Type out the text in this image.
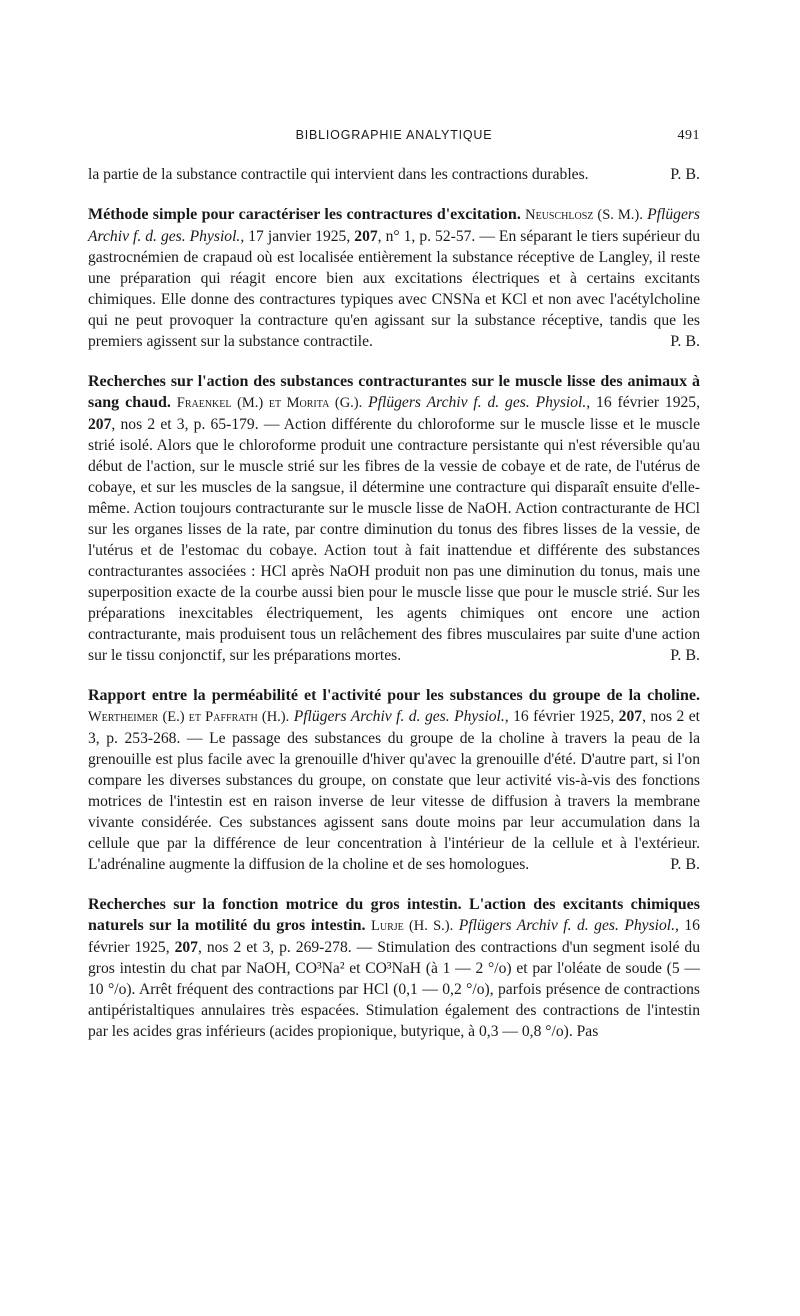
BIBLIOGRAPHIE ANALYTIQUE	491

la partie de la substance contractile qui intervient dans les contractions durables.	P. B.

Méthode simple pour caractériser les contractures d'excitation. Neuschlosz (S. M.). Pflügers Archiv f. d. ges. Physiol., 17 janvier 1925, 207, n° 1, p. 52-57. — En séparant le tiers supérieur du gastrocnémien de crapaud où est localisée entièrement la substance réceptive de Langley, il reste une préparation qui réagit encore bien aux excitations électriques et à certains excitants chimiques. Elle donne des contractures typiques avec CNSNa et KCl et non avec l'acétylcholine qui ne peut provoquer la contracture qu'en agissant sur la substance réceptive, tandis que les premiers agissent sur la substance contractile.	P. B.

Recherches sur l'action des substances contracturantes sur le muscle lisse des animaux à sang chaud. Fraenkel (M.) et Morita (G.). Pflügers Archiv f. d. ges. Physiol., 16 février 1925, 207, nos 2 et 3, p. 65-179. — Action différente du chloroforme sur le muscle lisse et le muscle strié isolé. Alors que le chloroforme produit une contracture persistante qui n'est réversible qu'au début de l'action, sur le muscle strié sur les fibres de la vessie de cobaye et de rate, de l'utérus de cobaye, et sur les muscles de la sangsue, il détermine une contracture qui disparaît ensuite d'elle-même. Action toujours contracturante sur le muscle lisse de NaOH. Action contracturante de HCl sur les organes lisses de la rate, par contre diminution du tonus des fibres lisses de la vessie, de l'utérus et de l'estomac du cobaye. Action tout à fait inattendue et différente des substances contracturantes associées : HCl après NaOH produit non pas une diminution du tonus, mais une superposition exacte de la courbe aussi bien pour le muscle lisse que pour le muscle strié. Sur les préparations inexcitables électriquement, les agents chimiques ont encore une action contracturante, mais produisent tous un relâchement des fibres musculaires par suite d'une action sur le tissu conjonctif, sur les préparations mortes.	P. B.

Rapport entre la perméabilité et l'activité pour les substances du groupe de la choline. Wertheimer (E.) et Paffrath (H.). Pflügers Archiv f. d. ges. Physiol., 16 février 1925, 207, nos 2 et 3, p. 253-268. — Le passage des substances du groupe de la choline à travers la peau de la grenouille est plus facile avec la grenouille d'hiver qu'avec la grenouille d'été. D'autre part, si l'on compare les diverses substances du groupe, on constate que leur activité vis-à-vis des fonctions motrices de l'intestin est en raison inverse de leur vitesse de diffusion à travers la membrane vivante considérée. Ces substances agissent sans doute moins par leur accumulation dans la cellule que par la différence de leur concentration à l'intérieur de la cellule et à l'extérieur. L'adrénaline augmente la diffusion de la choline et de ses homologues.	P. B.

Recherches sur la fonction motrice du gros intestin. L'action des excitants chimiques naturels sur la motilité du gros intestin. Lurje (H. S.). Pflügers Archiv f. d. ges. Physiol., 16 février 1925, 207, nos 2 et 3, p. 269-278. — Stimulation des contractions d'un segment isolé du gros intestin du chat par NaOH, CO³Na² et CO³NaH (à 1 — 2 °/o) et par l'oléate de soude (5 — 10 °/o). Arrêt fréquent des contractions par HCl (0,1 — 0,2 °/o), parfois présence de contractions antipéristaltiques annulaires très espacées. Stimulation également des contractions de l'intestin par les acides gras inférieurs (acides propionique, butyrique, à 0,3 — 0,8 °/o). Pas
